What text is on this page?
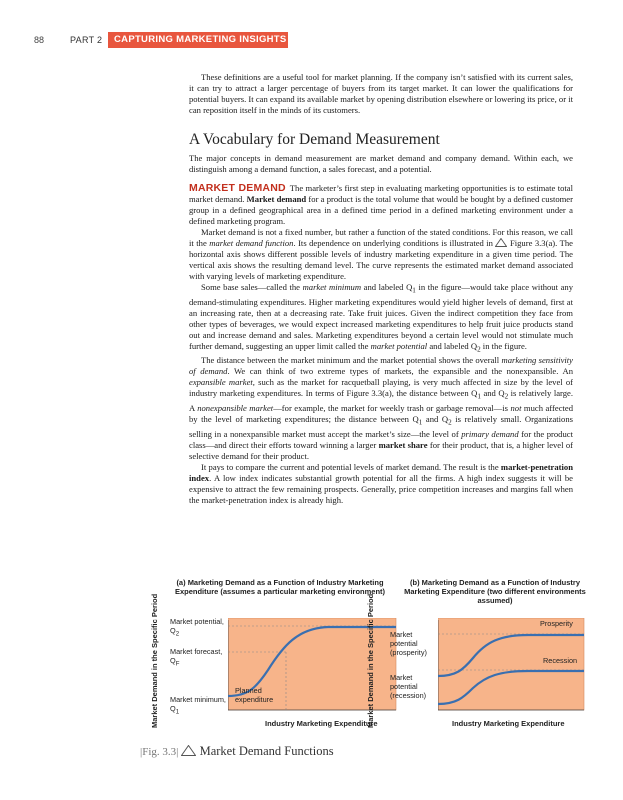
88	PART 2	CAPTURING MARKETING INSIGHTS

These definitions are a useful tool for market planning. If the company isn’t satisfied with its current sales, it can try to attract a larger percentage of buyers from its target market. It can lower the qualifications for potential buyers. It can expand its available market by opening distribution elsewhere or lowering its price, or it can reposition itself in the minds of its customers.

A Vocabulary for Demand Measurement

The major concepts in demand measurement are market demand and company demand. Within each, we distinguish among a demand function, a sales forecast, and a potential.

MARKET DEMAND The marketer’s first step in evaluating marketing opportunities is to estimate total market demand. Market demand for a product is the total volume that would be bought by a defined customer group in a defined geographical area in a defined time period in a defined marketing environment under a defined marketing program.

Market demand is not a fixed number, but rather a function of the stated conditions. For this reason, we call it the market demand function. Its dependence on underlying conditions is illustrated in  Figure 3.3(a). The horizontal axis shows different possible levels of industry marketing expenditure in a given time period. The vertical axis shows the resulting demand level. The curve represents the estimated market demand associated with varying levels of marketing expenditure.

Some base sales—called the market minimum and labeled $Q_1$ in the figure—would take place without any demand-stimulating expenditures. Higher marketing expenditures would yield higher levels of demand, first at an increasing rate, then at a decreasing rate. Take fruit juices. Given the indirect competition they face from other types of beverages, we would expect increased marketing expenditures to help fruit juice products stand out and increase demand and sales. Marketing expenditures beyond a certain level would not stimulate much further demand, suggesting an upper limit called the market potential and labeled $Q_2$ in the figure.

The distance between the market minimum and the market potential shows the overall marketing sensitivity of demand. We can think of two extreme types of markets, the expansible and the nonexpansible. An expansible market, such as the market for racquetball playing, is very much affected in size by the level of industry marketing expenditures. In terms of Figure 3.3(a), the distance between $Q_1$ and $Q_2$ is relatively large. A nonexpansible market—for example, the market for weekly trash or garbage removal—is not much affected by the level of marketing expenditures; the distance between $Q_1$ and $Q_2$ is relatively small. Organizations selling in a nonexpansible market must accept the market’s size—the level of primary demand for the product class—and direct their efforts toward winning a larger market share for their product, that is, a higher level of selective demand for their product.

It pays to compare the current and potential levels of market demand. The result is the market-penetration index. A low index indicates substantial growth potential for all the firms. A high index suggests it will be expensive to attract the few remaining prospects. Generally, price competition increases and margins fall when the market-penetration index is already high.

(a) Marketing Demand as a Function of Industry Marketing Expenditure (assumes a particular marketing environment)
Market Demand in the Specific Period Market potential, $Q_2$
Market forecast, $Q_F$
Market minimum, $Q_1$
Planned expenditure
Industry Marketing Expenditure
(b) Marketing Demand as a Function of Industry Marketing Expenditure (two different environments assumed)
Market Demand in the Specific Period Market potential (prosperity)
Market potential (recession)
Prosperity
Recession
Industry Marketing Expenditure
|Fig. 3.3| Market Demand Functions
